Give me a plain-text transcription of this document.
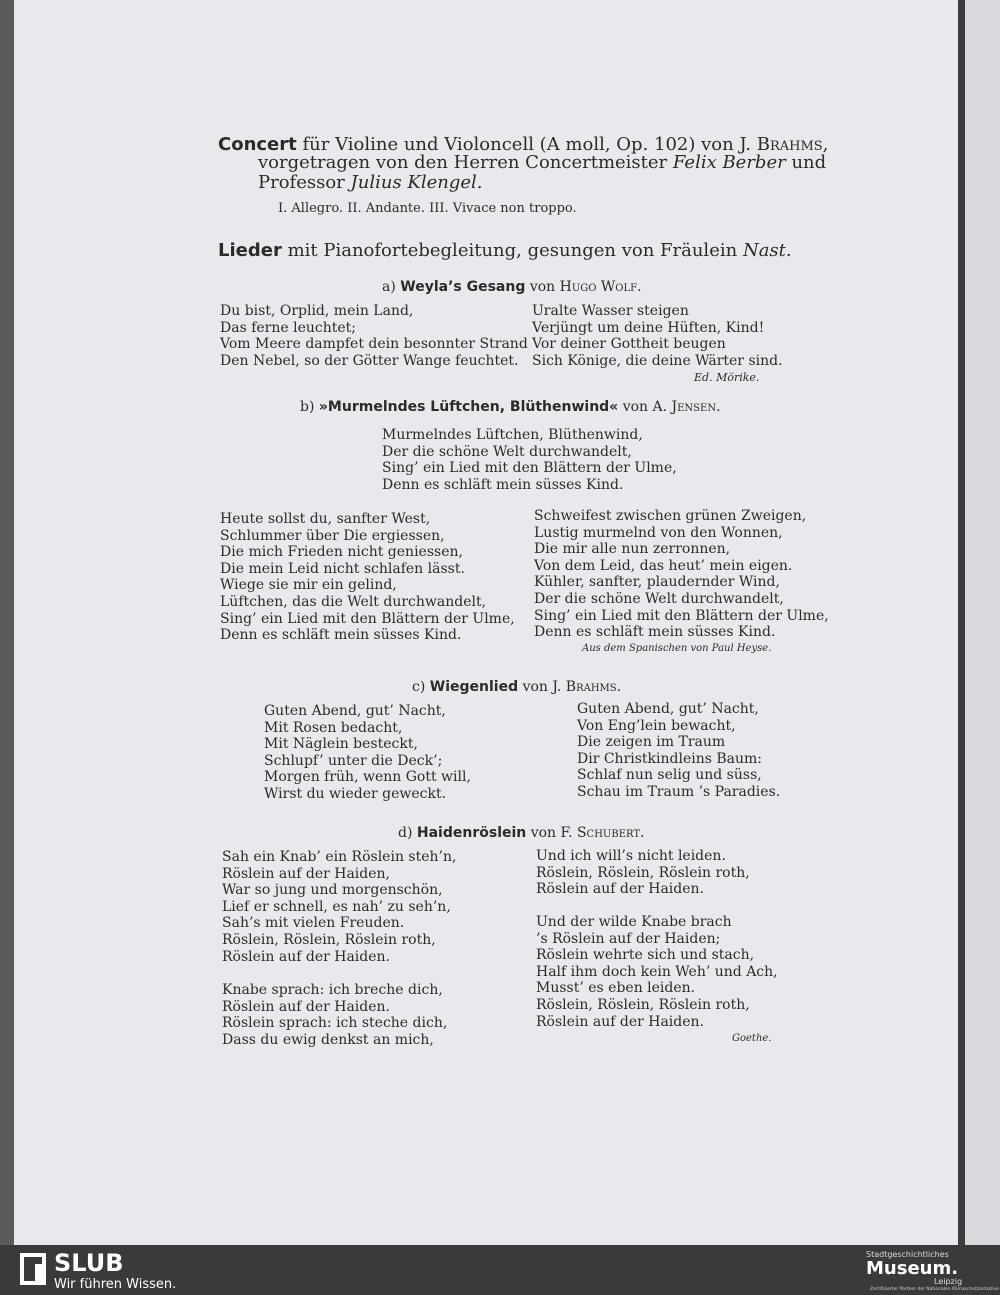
Concert für Violine und Violoncell (A moll, Op. 102) von J. Brahms,
vorgetragen von den Herren Concertmeister Felix Berber und
Professor Julius Klengel.
I. Allegro. II. Andante. III. Vivace non troppo.
Lieder mit Pianofortebegleitung, gesungen von Fräulein Nast.
a) Weyla’s Gesang von Hugo Wolf.
Du bist, Orplid, mein Land,
Das ferne leuchtet;
Vom Meere dampfet dein besonnter Strand
Den Nebel, so der Götter Wange feuchtet.
Uralte Wasser steigen
Verjüngt um deine Hüften, Kind!
Vor deiner Gottheit beugen
Sich Könige, die deine Wärter sind.
Ed. Mörike.
b) »Murmelndes Lüftchen, Blüthenwind« von A. Jensen.
Murmelndes Lüftchen, Blüthenwind,
Der die schöne Welt durchwandelt,
Sing’ ein Lied mit den Blättern der Ulme,
Denn es schläft mein süsses Kind.
Heute sollst du, sanfter West,
Schlummer über Die ergiessen,
Die mich Frieden nicht geniessen,
Die mein Leid nicht schlafen lässt.
Wiege sie mir ein gelind,
Lüftchen, das die Welt durchwandelt,
Sing’ ein Lied mit den Blättern der Ulme,
Denn es schläft mein süsses Kind.
Schweifest zwischen grünen Zweigen,
Lustig murmelnd von den Wonnen,
Die mir alle nun zerronnen,
Von dem Leid, das heut’ mein eigen.
Kühler, sanfter, plaudernder Wind,
Der die schöne Welt durchwandelt,
Sing’ ein Lied mit den Blättern der Ulme,
Denn es schläft mein süsses Kind.
Aus dem Spanischen von Paul Heyse.
c) Wiegenlied von J. Brahms.
Guten Abend, gut’ Nacht,
Mit Rosen bedacht,
Mit Näglein besteckt,
Schlupf’ unter die Deck’;
Morgen früh, wenn Gott will,
Wirst du wieder geweckt.
Guten Abend, gut’ Nacht,
Von Eng’lein bewacht,
Die zeigen im Traum
Dir Christkindleins Baum:
Schlaf nun selig und süss,
Schau im Traum ’s Paradies.
d) Haidenröslein von F. Schubert.
Sah ein Knab’ ein Röslein steh’n,
Röslein auf der Haiden,
War so jung und morgenschön,
Lief er schnell, es nah’ zu seh’n,
Sah’s mit vielen Freuden.
Röslein, Röslein, Röslein roth,
Röslein auf der Haiden.
Knabe sprach: ich breche dich,
Röslein auf der Haiden.
Röslein sprach: ich steche dich,
Dass du ewig denkst an mich,
Und ich will’s nicht leiden.
Röslein, Röslein, Röslein roth,
Röslein auf der Haiden.
Und der wilde Knabe brach
’s Röslein auf der Haiden;
Röslein wehrte sich und stach,
Half ihm doch kein Weh’ und Ach,
Musst’ es eben leiden.
Röslein, Röslein, Röslein roth,
Röslein auf der Haiden.
Goethe.
SLUB
Wir führen Wissen.
Stadtgeschichtliches
Museum.
Leipzig
Zertifizierter Partner der Nationalen Klimaschutzinitiative
